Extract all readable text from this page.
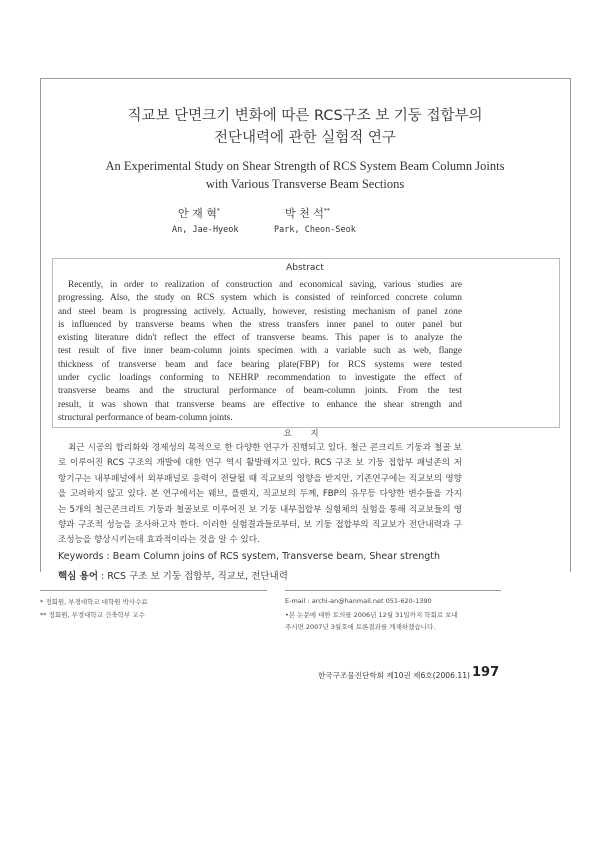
직교보 단면크기 변화에 따른 RCS구조 보 기둥 접합부의
전단내력에 관한 실험적 연구
An Experimental Study on Shear Strength of RCS System Beam Column Joints
with Various Transverse Beam Sections
안 재 혁*	박 천 석**
An, Jae-Hyeok	Park, Cheon-Seok
Abstract
Recently, in order to realization of construction and economical saving, various studies are
progressing. Also, the study on RCS system which is consisted of reinforced concrete column
and steel beam is progressing actively. Actually, however, resisting mechanism of panel zone
is influenced by transverse beams when the stress transfers inner panel to outer panel but
existing literature didn't reflect the effect of transverse beams. This paper is to analyze the
test result of five inner beam-column joints specimen with a variable such as web, flange
thickness of transverse beam and face bearing plate(FBP) for RCS systems were tested
under cyclic loadings conforming to NEHRP recommendation to investigate the effect of
transverse beams and the structural performance of beam-column joints. From the test
result, it was shown that transverse beams are effective to enhance the shear strength and
structural performance of beam-column joints.
요 지
최근 시공의 합리화와 경제성의 목적으로 한 다양한 연구가 진행되고 있다. 철근 콘크리트 기둥과 철골 보
로 이루어진 RCS 구조의 개발에 대한 연구 역시 활발해지고 있다. RCS 구조 보 기둥 접합부 패널존의 저
항기구는 내부패널에서 외부패널로 응력이 전달될 때 직교보의 영향을 받지만, 기존연구에는 직교보의 영향
을 고려하지 않고 있다. 본 연구에서는 웨브, 플랜지, 직교보의 두께, FBP의 유무등 다양한 변수들을 가지
는 5개의 철근콘크리트 기둥과 철골보로 이루어진 보 기둥 내부접합부 실험체의 실험을 통해 직교보들의 영
향과 구조적 성능을 조사하고자 한다. 이러한 실험결과들로부터, 보 기둥 접합부의 직교보가 전단내력과 구
조성능을 향상시키는데 효과적이라는 것을 알 수 있다.
Keywords : Beam Column joins of RCS system, Transverse beam, Shear strength
핵심 용어 : RCS 구조 보 기둥 접합부, 직교보, 전단내력
* 정회원, 부경대학교 대학원 박사수료
** 정회원, 부경대학교 건축학부 교수
E-mail : archi-an@hanmail.net 051-620-1390
•본 논문에 대한 토의를 2006년 12월 31일까지 학회로 보내
주시면 2007년 3월호에 토론결과를 게재하겠습니다.
한국구조물진단학회 제10권 제6호(2006.11) 197
